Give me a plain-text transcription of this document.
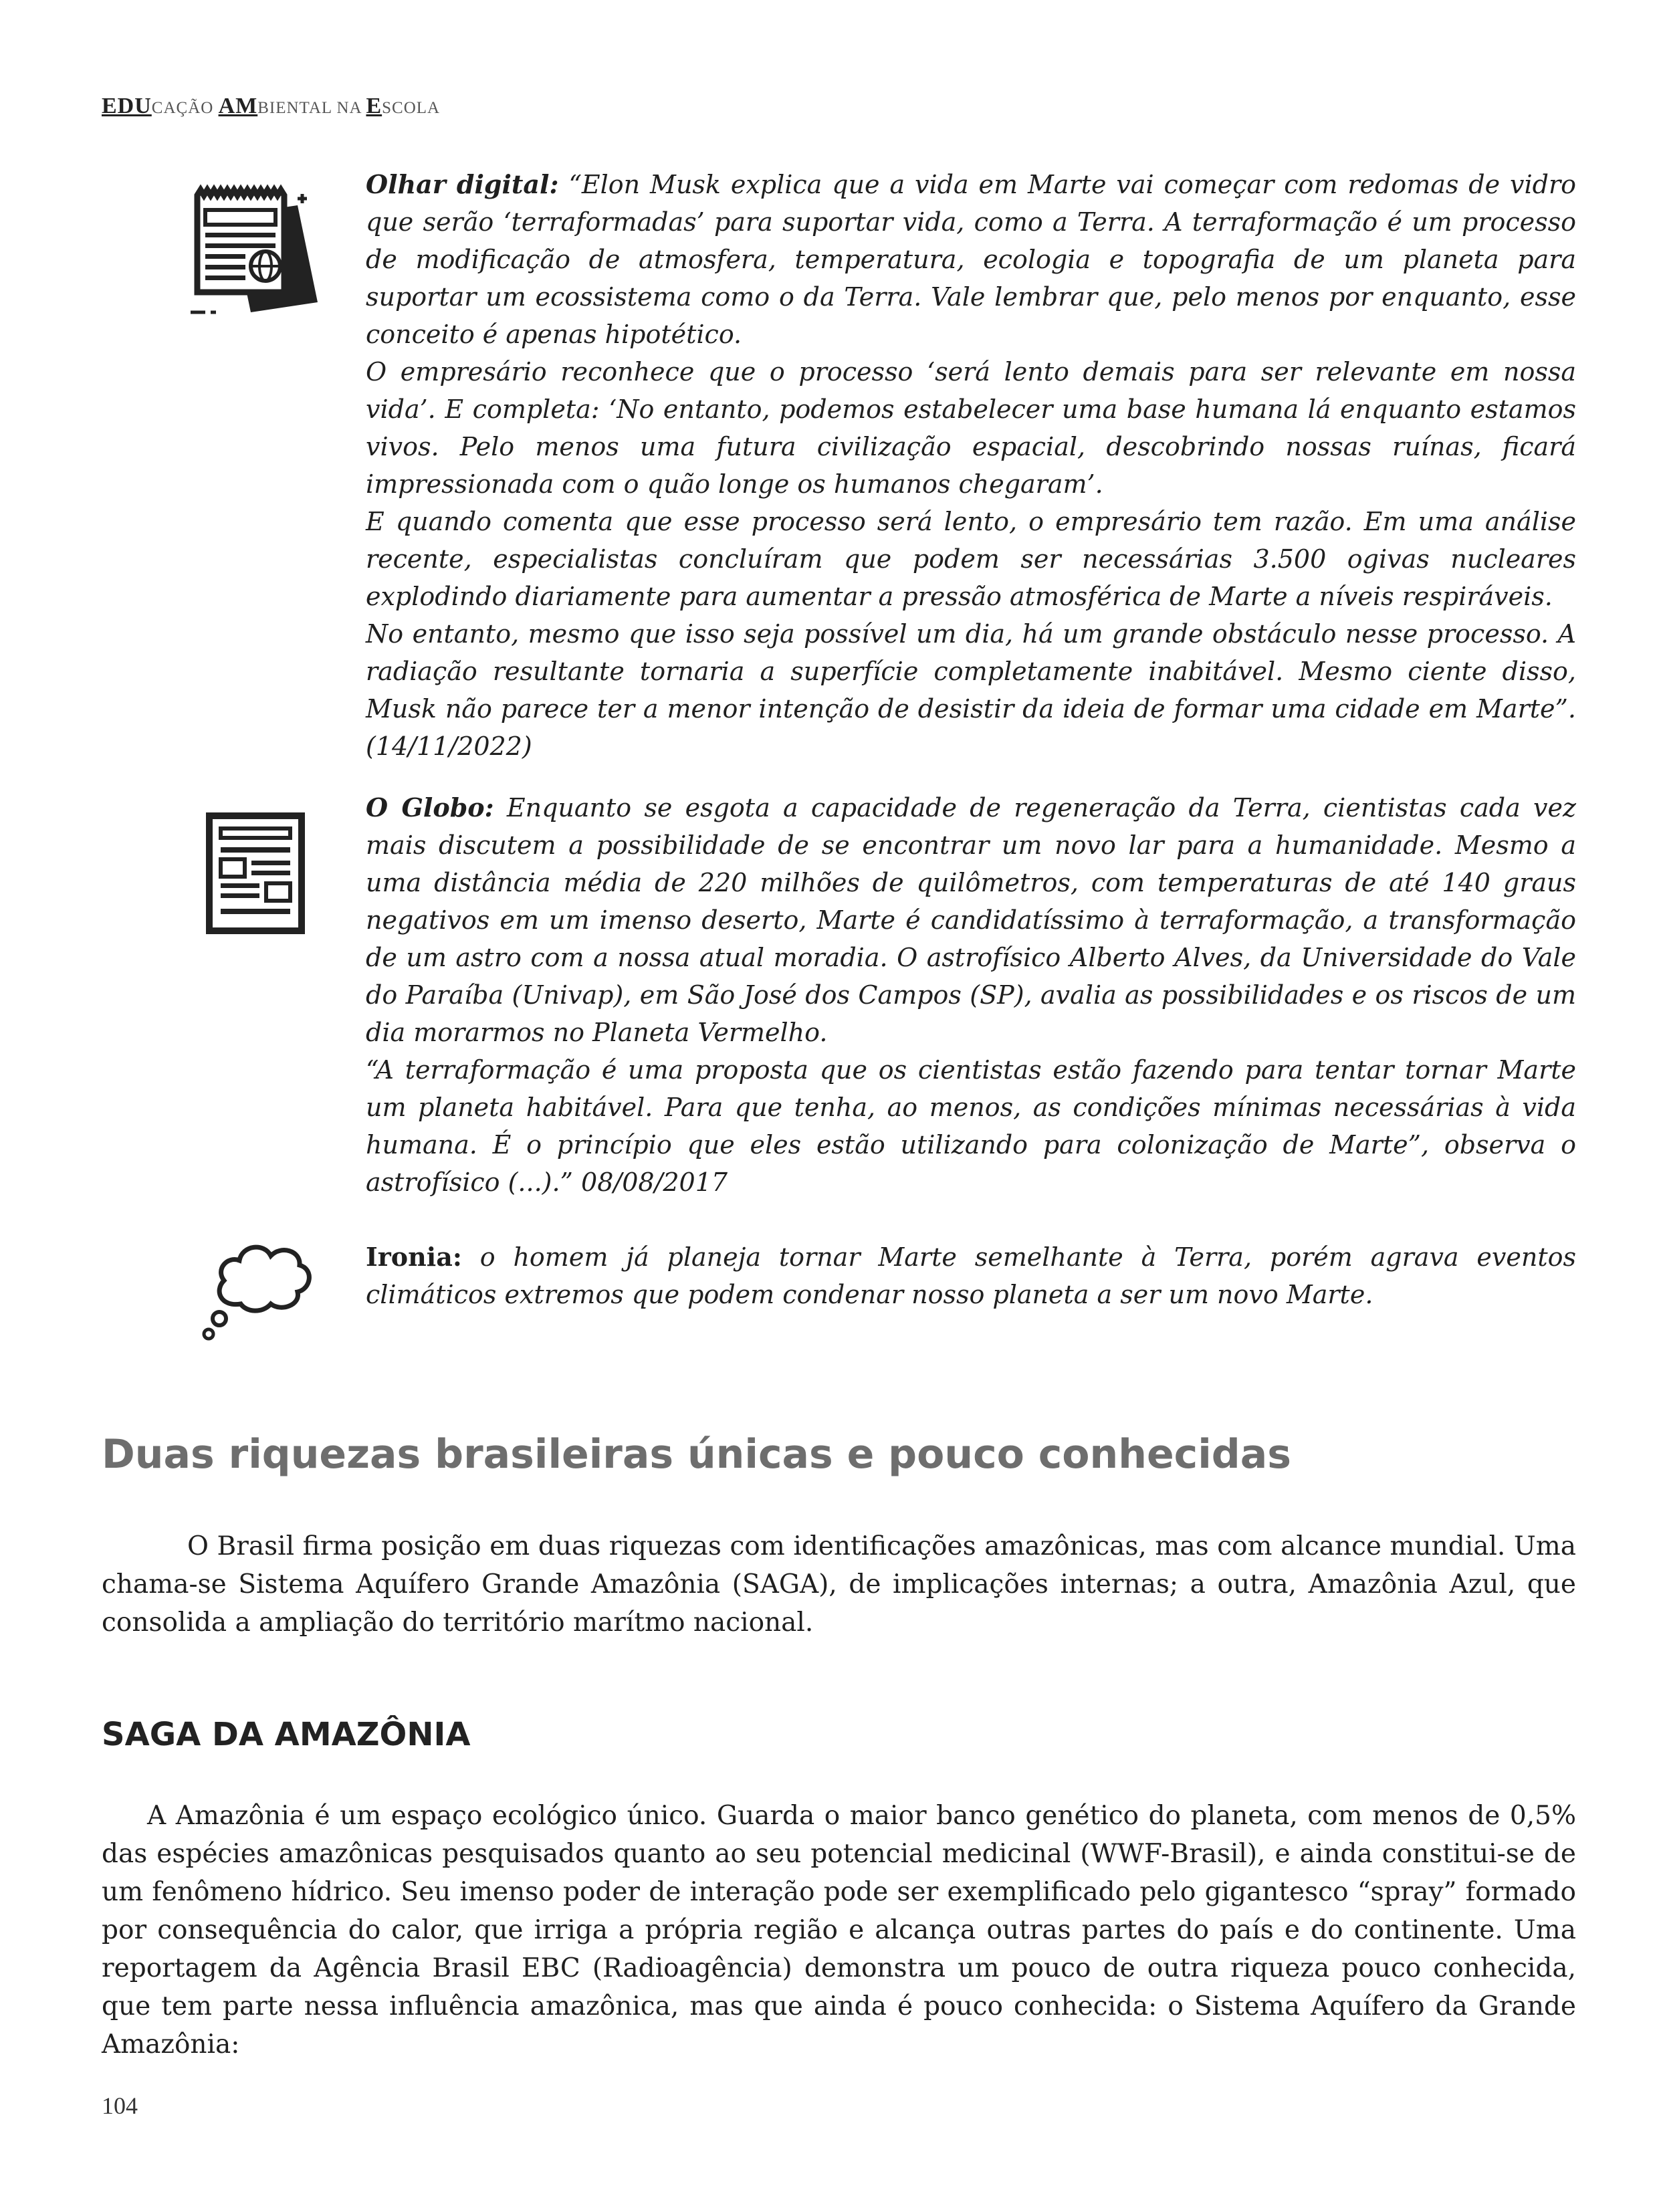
EDUCAÇÃO AMBIENTAL NA ESCOLA

Olhar digital: “Elon Musk explica que a vida em Marte vai começar com redomas de vidro que serão ‘terraformadas’ para suportar vida, como a Terra. A terraformação é um processo de modificação de atmosfera, temperatura, ecologia e topografia de um planeta para suportar um ecossistema como o da Terra. Vale lembrar que, pelo menos por enquanto, esse conceito é apenas hipotético.

O empresário reconhece que o processo ‘será lento demais para ser relevante em nossa vida’. E completa: ‘No entanto, podemos estabelecer uma base humana lá enquanto estamos vivos. Pelo menos uma futura civilização espacial, descobrindo nossas ruínas, ficará impressionada com o quão longe os humanos chegaram’.

E quando comenta que esse processo será lento, o empresário tem razão. Em uma análise recente, especialistas concluíram que podem ser necessárias 3.500 ogivas nucleares explodindo diariamente para aumentar a pressão atmosférica de Marte a níveis respiráveis.

No entanto, mesmo que isso seja possível um dia, há um grande obstáculo nesse processo. A radiação resultante tornaria a superfície completamente inabitável. Mesmo ciente disso, Musk não parece ter a menor intenção de desistir da ideia de formar uma cidade em Marte”. (14/11/2022)

O Globo: Enquanto se esgota a capacidade de regeneração da Terra, cientistas cada vez mais discutem a possibilidade de se encontrar um novo lar para a humanidade. Mesmo a uma distância média de 220 milhões de quilômetros, com temperaturas de até 140 graus negativos em um imenso deserto, Marte é candidatíssimo à terraformação, a transformação de um astro com a nossa atual moradia. O astrofísico Alberto Alves, da Universidade do Vale do Paraíba (Univap), em São José dos Campos (SP), avalia as possibilidades e os riscos de um dia morarmos no Planeta Vermelho.

“A terraformação é uma proposta que os cientistas estão fazendo para tentar tornar Marte um planeta habitável. Para que tenha, ao menos, as condições mínimas necessárias à vida humana. É o princípio que eles estão utilizando para colonização de Marte”, observa o astrofísico (...).” 08/08/2017

Ironia: o homem já planeja tornar Marte semelhante à Terra, porém agrava eventos climáticos extremos que podem condenar nosso planeta a ser um novo Marte.

Duas riquezas brasileiras únicas e pouco conhecidas

O Brasil firma posição em duas riquezas com identificações amazônicas, mas com alcance mundial. Uma chama-se Sistema Aquífero Grande Amazônia (SAGA), de implicações internas; a outra, Amazônia Azul, que consolida a ampliação do território marítmo nacional.

SAGA DA AMAZÔNIA

A Amazônia é um espaço ecológico único. Guarda o maior banco genético do planeta, com menos de 0,5% das espécies amazônicas pesquisados quanto ao seu potencial medicinal (WWF-Brasil), e ainda constitui-se de um fenômeno hídrico. Seu imenso poder de interação pode ser exemplificado pelo gigantesco “spray” formado por consequência do calor, que irriga a própria região e alcança outras partes do país e do continente. Uma reportagem da Agência Brasil EBC (Radioagência) demonstra um pouco de outra riqueza pouco conhecida, que tem parte nessa influência amazônica, mas que ainda é pouco conhecida: o Sistema Aquífero da Grande Amazônia:

104
